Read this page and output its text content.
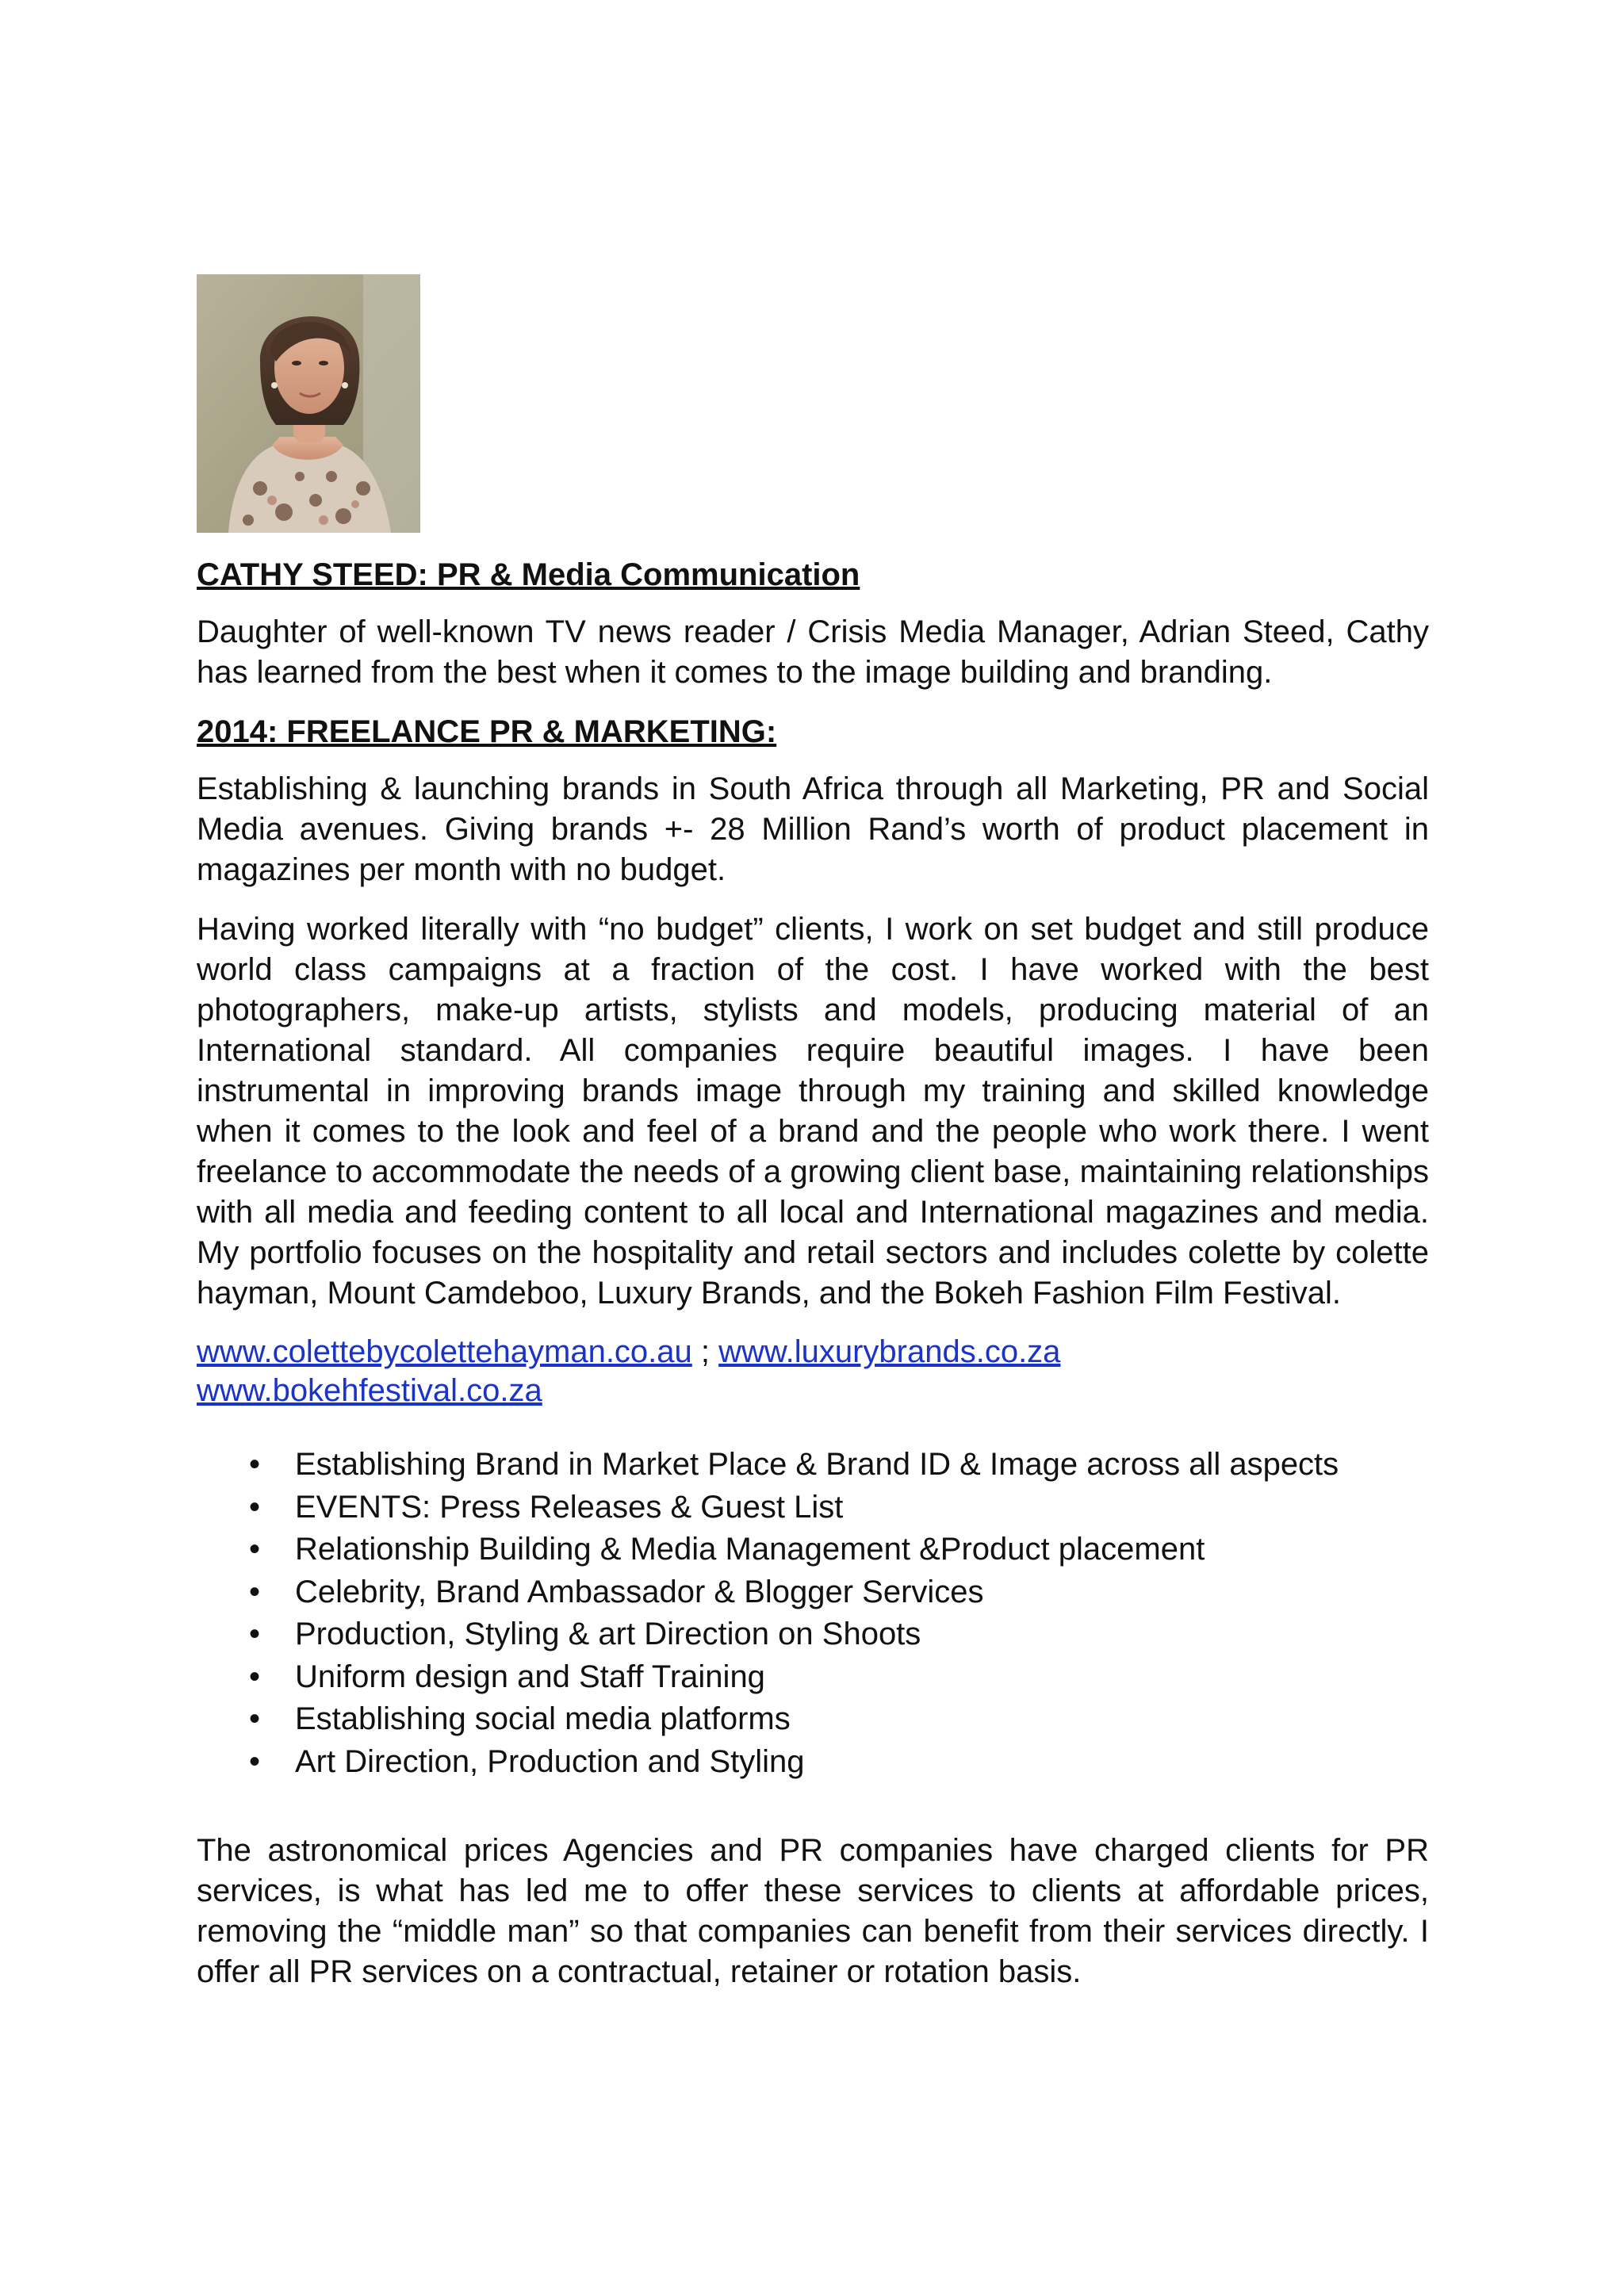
CATHY STEED: PR & Media Communication

Daughter of well-known TV news reader / Crisis Media Manager, Adrian Steed, Cathy has learned from the best when it comes to the image building and branding.

2014: FREELANCE PR & MARKETING:

Establishing & launching brands in South Africa through all Marketing, PR and Social Media avenues. Giving brands +- 28 Million Rand’s worth of product placement in magazines per month with no budget.

Having worked literally with “no budget” clients, I work on set budget and still produce world class campaigns at a fraction of the cost. I have worked with the best photographers, make-up artists, stylists and models, producing material of an International standard. All companies require beautiful images. I have been instrumental in improving brands image through my training and skilled knowledge when it comes to the look and feel of a brand and the people who work there. I went freelance to accommodate the needs of a growing client base, maintaining relationships with all media and feeding content to all local and International magazines and media. My portfolio focuses on the hospitality and retail sectors and includes colette by colette hayman, Mount Camdeboo, Luxury Brands, and the Bokeh Fashion Film Festival.

www.colettebycolettehayman.co.au ; www.luxurybrands.co.za
www.bokehfestival.co.za
• Establishing Brand in Market Place & Brand ID & Image across all aspects
• EVENTS: Press Releases & Guest List
• Relationship Building & Media Management &Product placement
• Celebrity, Brand Ambassador & Blogger Services
• Production, Styling & art Direction on Shoots
• Uniform design and Staff Training
• Establishing social media platforms
• Art Direction, Production and Styling

The astronomical prices Agencies and PR companies have charged clients for PR services, is what has led me to offer these services to clients at affordable prices, removing the “middle man” so that companies can benefit from their services directly. I offer all PR services on a contractual, retainer or rotation basis.
